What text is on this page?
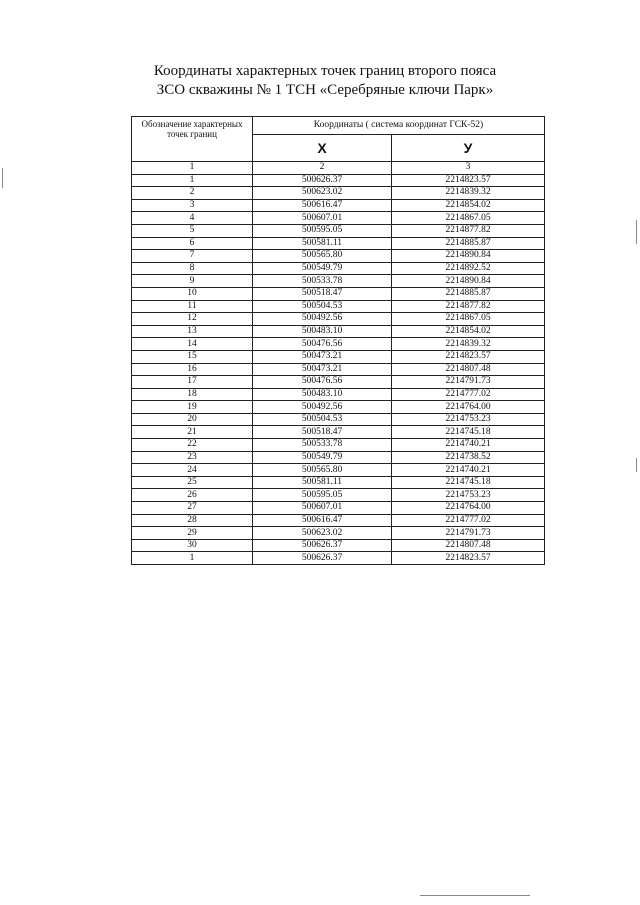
Координаты характерных точек границ второго пояса
ЗСО скважины № 1 ТСН «Серебряные ключи Парк»
Обозначение характерных точек границ	Координаты ( система координат ГСК-52)	
	X	У
1	2	3
1	500626.37	2214823.57
2	500623.02	2214839.32
3	500616.47	2214854.02
4	500607.01	2214867.05
5	500595.05	2214877.82
6	500581.11	2214885.87
7	500565.80	2214890.84
8	500549.79	2214892.52
9	500533.78	2214890.84
10	500518.47	2214885.87
11	500504.53	2214877.82
12	500492.56	2214867.05
13	500483.10	2214854.02
14	500476.56	2214839.32
15	500473.21	2214823.57
16	500473.21	2214807.48
17	500476.56	2214791.73
18	500483.10	2214777.02
19	500492.56	2214764.00
20	500504.53	2214753.23
21	500518.47	2214745.18
22	500533.78	2214740.21
23	500549.79	2214738.52
24	500565.80	2214740.21
25	500581.11	2214745.18
26	500595.05	2214753.23
27	500607.01	2214764.00
28	500616.47	2214777.02
29	500623.02	2214791.73
30	500626.37	2214807.48
1	500626.37	2214823.57
